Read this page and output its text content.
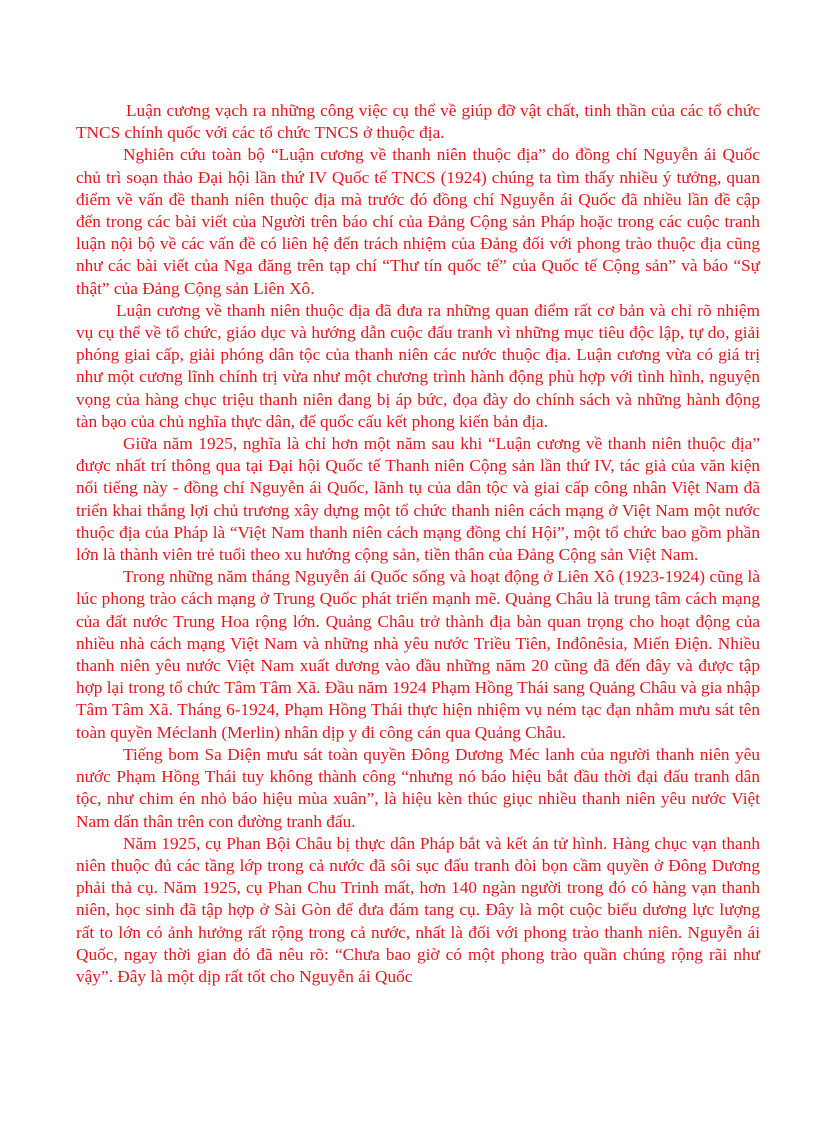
Luận cương vạch ra những công việc cụ thể về giúp đỡ vật chất, tinh thần của các tổ chức TNCS chính quốc với các tổ chức TNCS ở thuộc địa.

Nghiên cứu toàn bộ “Luận cương về thanh niên thuộc địa” do đồng chí Nguyễn ái Quốc chủ trì soạn thảo Đại hội lần thứ IV Quốc tế TNCS (1924) chúng ta tìm thấy nhiều ý tưởng, quan điểm về vấn đề thanh niên thuộc địa mà trước đó đồng chí Nguyễn ái Quốc đã nhiều lần đề cập đến trong các bài viết của Người trên báo chí của Đảng Cộng sản Pháp hoặc trong các cuộc tranh luận nội bộ về các vấn đề có liên hệ đến trách nhiệm của Đảng đối với phong trào thuộc địa cũng như các bài viết của Nga đăng trên tạp chí “Thư tín quốc tế” của Quốc tế Cộng sản” và báo “Sự thật” của Đảng Cộng sản Liên Xô.

Luận cương về thanh niên thuộc địa đã đưa ra những quan điểm rất cơ bản và chỉ rõ nhiệm vụ cụ thể về tổ chức, giáo dục và hướng dẫn cuộc đấu tranh vì những mục tiêu độc lập, tự do, giải phóng giai cấp, giải phóng dân tộc của thanh niên các nước thuộc địa. Luận cương vừa có giá trị như một cương lĩnh chính trị vừa như một chương trình hành động phù hợp với tình hình, nguyện vọng của hàng chục triệu thanh niên đang bị áp bức, đọa đày do chính sách và những hành động tàn bạo của chủ nghĩa thực dân, đế quốc cấu kết phong kiến bản địa.

Giữa năm 1925, nghĩa là chỉ hơn một năm sau khi “Luận cương về thanh niên thuộc địa” được nhất trí thông qua tại Đại hội Quốc tế Thanh niên Cộng sản lần thứ IV, tác giả của văn kiện nổi tiếng này - đồng chí Nguyễn ái Quốc, lãnh tụ của dân tộc và giai cấp công nhân Việt Nam đã triển khai thắng lợi chủ trương xây dựng một tổ chức thanh niên cách mạng ở Việt Nam một nước thuộc địa của Pháp là “Việt Nam thanh niên cách mạng đồng chí Hội”, một tổ chức bao gồm phần lớn là thành viên trẻ tuổi theo xu hướng cộng sản, tiền thân của Đảng Cộng sản Việt Nam.

Trong những năm tháng Nguyễn ái Quốc sống và hoạt động ở Liên Xô (1923-1924) cũng là lúc phong trào cách mạng ở Trung Quốc phát triển mạnh mẽ. Quảng Châu là trung tâm cách mạng của đất nước Trung Hoa rộng lớn. Quảng Châu trở thành địa bàn quan trọng cho hoạt động của nhiều nhà cách mạng Việt Nam và những nhà yêu nước Triều Tiên, Inđônêsia, Miến Điện. Nhiều thanh niên yêu nước Việt Nam xuất dương vào đầu những năm 20 cũng đã đến đây và được tập hợp lại trong tổ chức Tâm Tâm Xã. Đầu năm 1924 Phạm Hồng Thái sang Quảng Châu và gia nhập Tâm Tâm Xã. Tháng 6-1924, Phạm Hồng Thái thực hiện nhiệm vụ ném tạc đạn nhằm mưu sát tên toàn quyền Méclanh (Merlin) nhân dịp y đi công cán qua Quảng Châu.

Tiếng bom Sa Diện mưu sát toàn quyền Đông Dương Méc lanh của người thanh niên yêu nước Phạm Hồng Thái tuy không thành công “nhưng nó báo hiệu bắt đầu thời đại đấu tranh dân tộc, như chim én nhỏ báo hiệu mùa xuân”, là hiệu kèn thúc giục nhiều thanh niên yêu nước Việt Nam dấn thân trên con đường tranh đấu.

Năm 1925, cụ Phan Bội Châu bị thực dân Pháp bắt và kết án tử hình. Hàng chục vạn thanh niên thuộc đủ các tầng lớp trong cả nước đã sôi sục đấu tranh đòi bọn cầm quyền ở Đông Dương phải thả cụ. Năm 1925, cụ Phan Chu Trinh mất, hơn 140 ngàn người trong đó có hàng vạn thanh niên, học sinh đã tập hợp ở Sài Gòn để đưa đám tang cụ. Đây là một cuộc biểu dương lực lượng rất to lớn có ảnh hưởng rất rộng trong cả nước, nhất là đối với phong trào thanh niên. Nguyễn ái Quốc, ngay thời gian đó đã nêu rõ: “Chưa bao giờ có một phong trào quần chúng rộng rãi như vậy”. Đây là một dịp rất tốt cho Nguyễn ái Quốc
